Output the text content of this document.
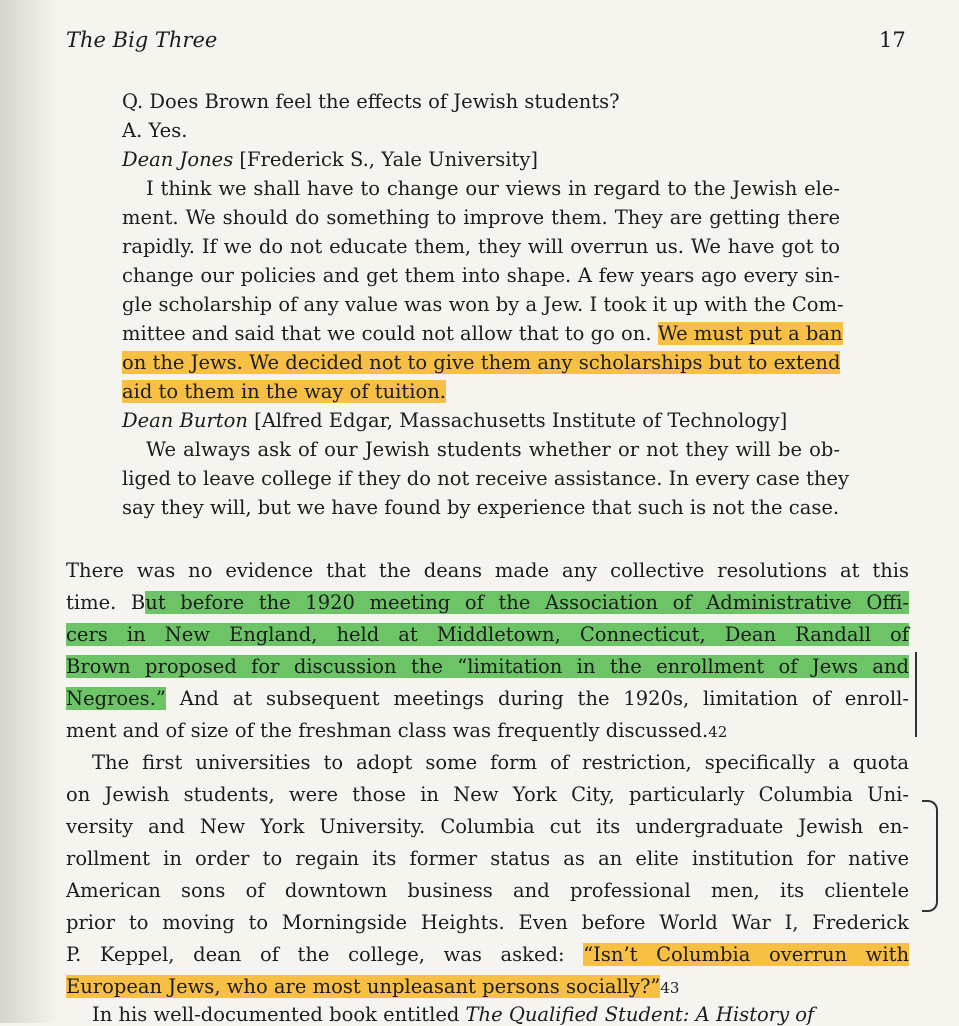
The Big Three	17
Q. Does Brown feel the effects of Jewish students?
A. Yes.
Dean Jones [Frederick S., Yale University]
I think we shall have to change our views in regard to the Jewish ele-
ment. We should do something to improve them. They are getting there
rapidly. If we do not educate them, they will overrun us. We have got to
change our policies and get them into shape. A few years ago every sin-
gle scholarship of any value was won by a Jew. I took it up with the Com-
mittee and said that we could not allow that to go on. We must put a ban
on the Jews. We decided not to give them any scholarships but to extend
aid to them in the way of tuition.
Dean Burton [Alfred Edgar, Massachusetts Institute of Technology]
We always ask of our Jewish students whether or not they will be ob-
liged to leave college if they do not receive assistance. In every case they
say they will, but we have found by experience that such is not the case.
There was no evidence that the deans made any collective resolutions at this
time. But before the 1920 meeting of the Association of Administrative Offi-
cers in New England, held at Middletown, Connecticut, Dean Randall of
Brown proposed for discussion the “limitation in the enrollment of Jews and
Negroes.” And at subsequent meetings during the 1920s, limitation of enroll-
ment and of size of the freshman class was frequently discussed.42
The first universities to adopt some form of restriction, specifically a quota
on Jewish students, were those in New York City, particularly Columbia Uni-
versity and New York University. Columbia cut its undergraduate Jewish en-
rollment in order to regain its former status as an elite institution for native
American sons of downtown business and professional men, its clientele
prior to moving to Morningside Heights. Even before World War I, Frederick
P. Keppel, dean of the college, was asked: “Isn’t Columbia overrun with
European Jews, who are most unpleasant persons socially?”43
In his well-documented book entitled The Qualified Student: A History of
